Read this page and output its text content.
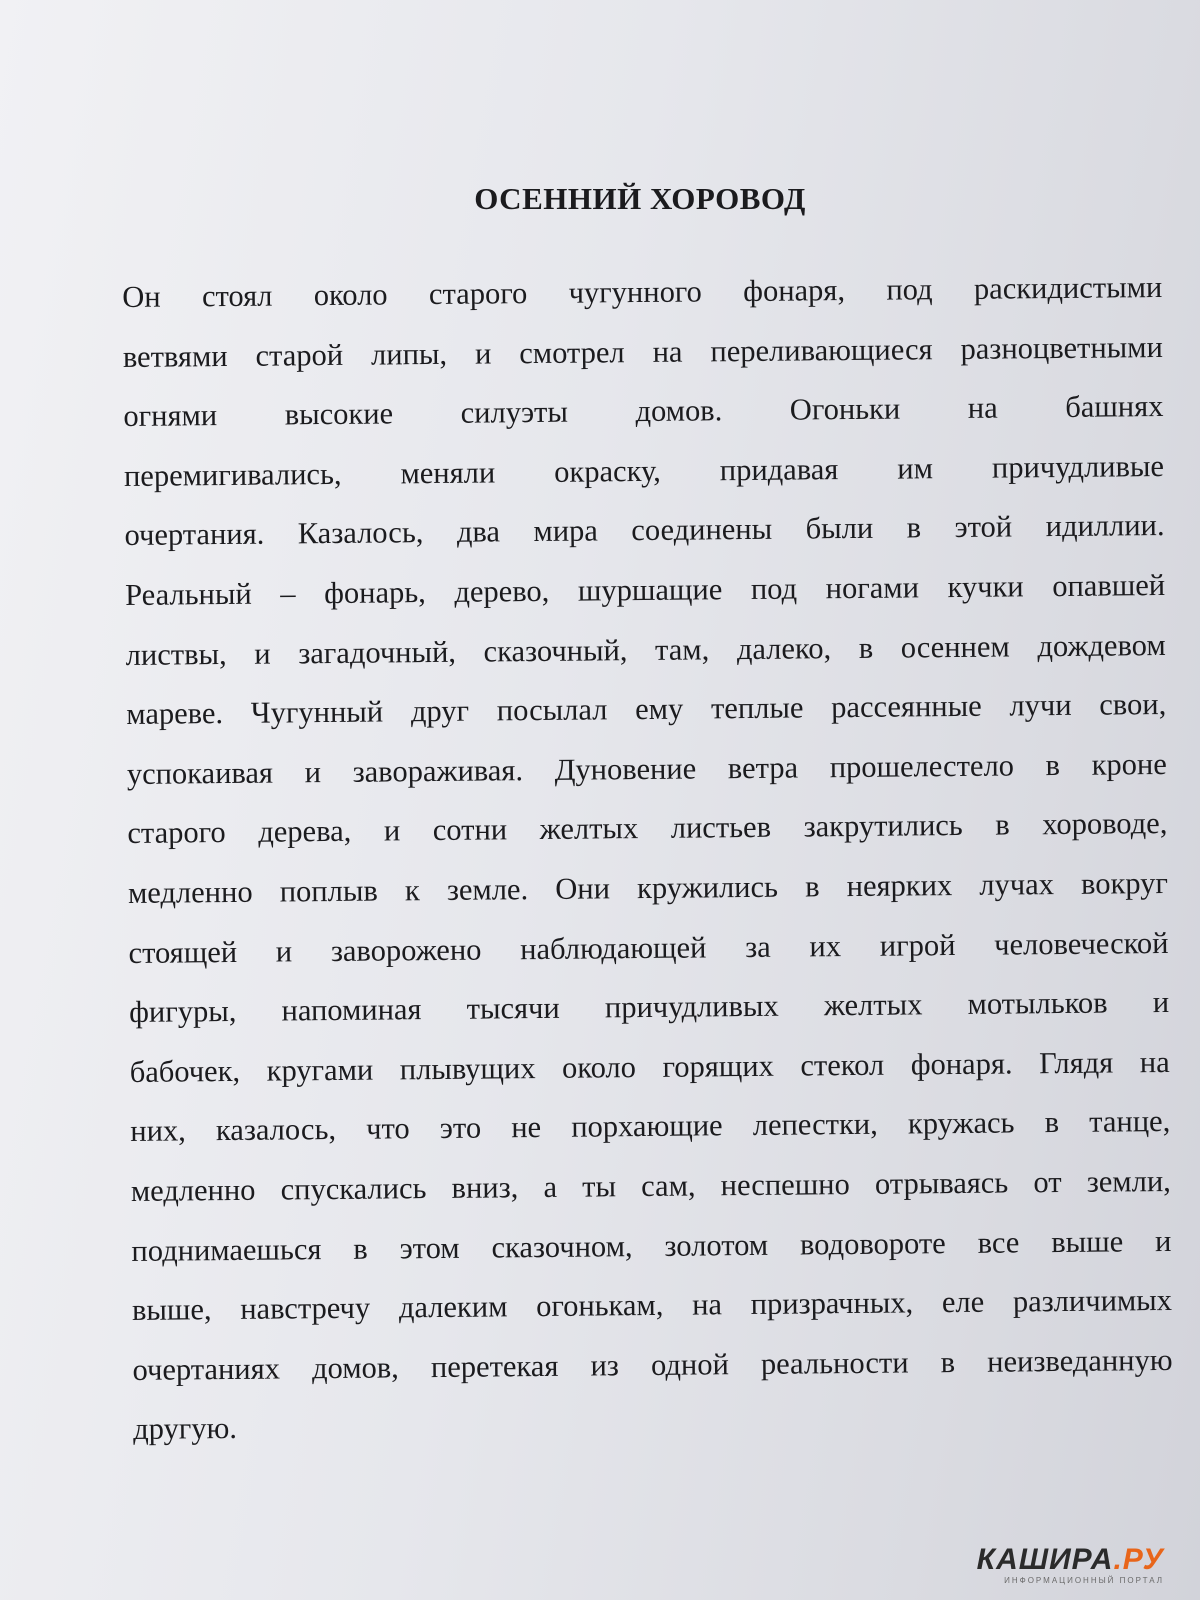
ОСЕННИЙ ХОРОВОД
Он стоял около старого чугунного фонаря, под раскидистыми
ветвями старой липы, и смотрел на переливающиеся разноцветными
огнями высокие силуэты домов. Огоньки на башнях
перемигивались, меняли окраску, придавая им причудливые
очертания. Казалось, два мира соединены были в этой идиллии.
Реальный – фонарь, дерево, шуршащие под ногами кучки опавшей
листвы, и загадочный, сказочный, там, далеко, в осеннем дождевом
мареве. Чугунный друг посылал ему теплые рассеянные лучи свои,
успокаивая и завораживая. Дуновение ветра прошелестело в кроне
старого дерева, и сотни желтых листьев закрутились в хороводе,
медленно поплыв к земле. Они кружились в неярких лучах вокруг
стоящей и заворожено наблюдающей за их игрой человеческой
фигуры, напоминая тысячи причудливых желтых мотыльков и
бабочек, кругами плывущих около горящих стекол фонаря. Глядя на
них, казалось, что это не порхающие лепестки, кружась в танце,
медленно спускались вниз, а ты сам, неспешно отрываясь от земли,
поднимаешься в этом сказочном, золотом водовороте все выше и
выше, навстречу далеким огонькам, на призрачных, еле различимых
очертаниях домов, перетекая из одной реальности в неизведанную
другую.
КАШИРА.РУ
ИНФОРМАЦИОННЫЙ ПОРТАЛ
